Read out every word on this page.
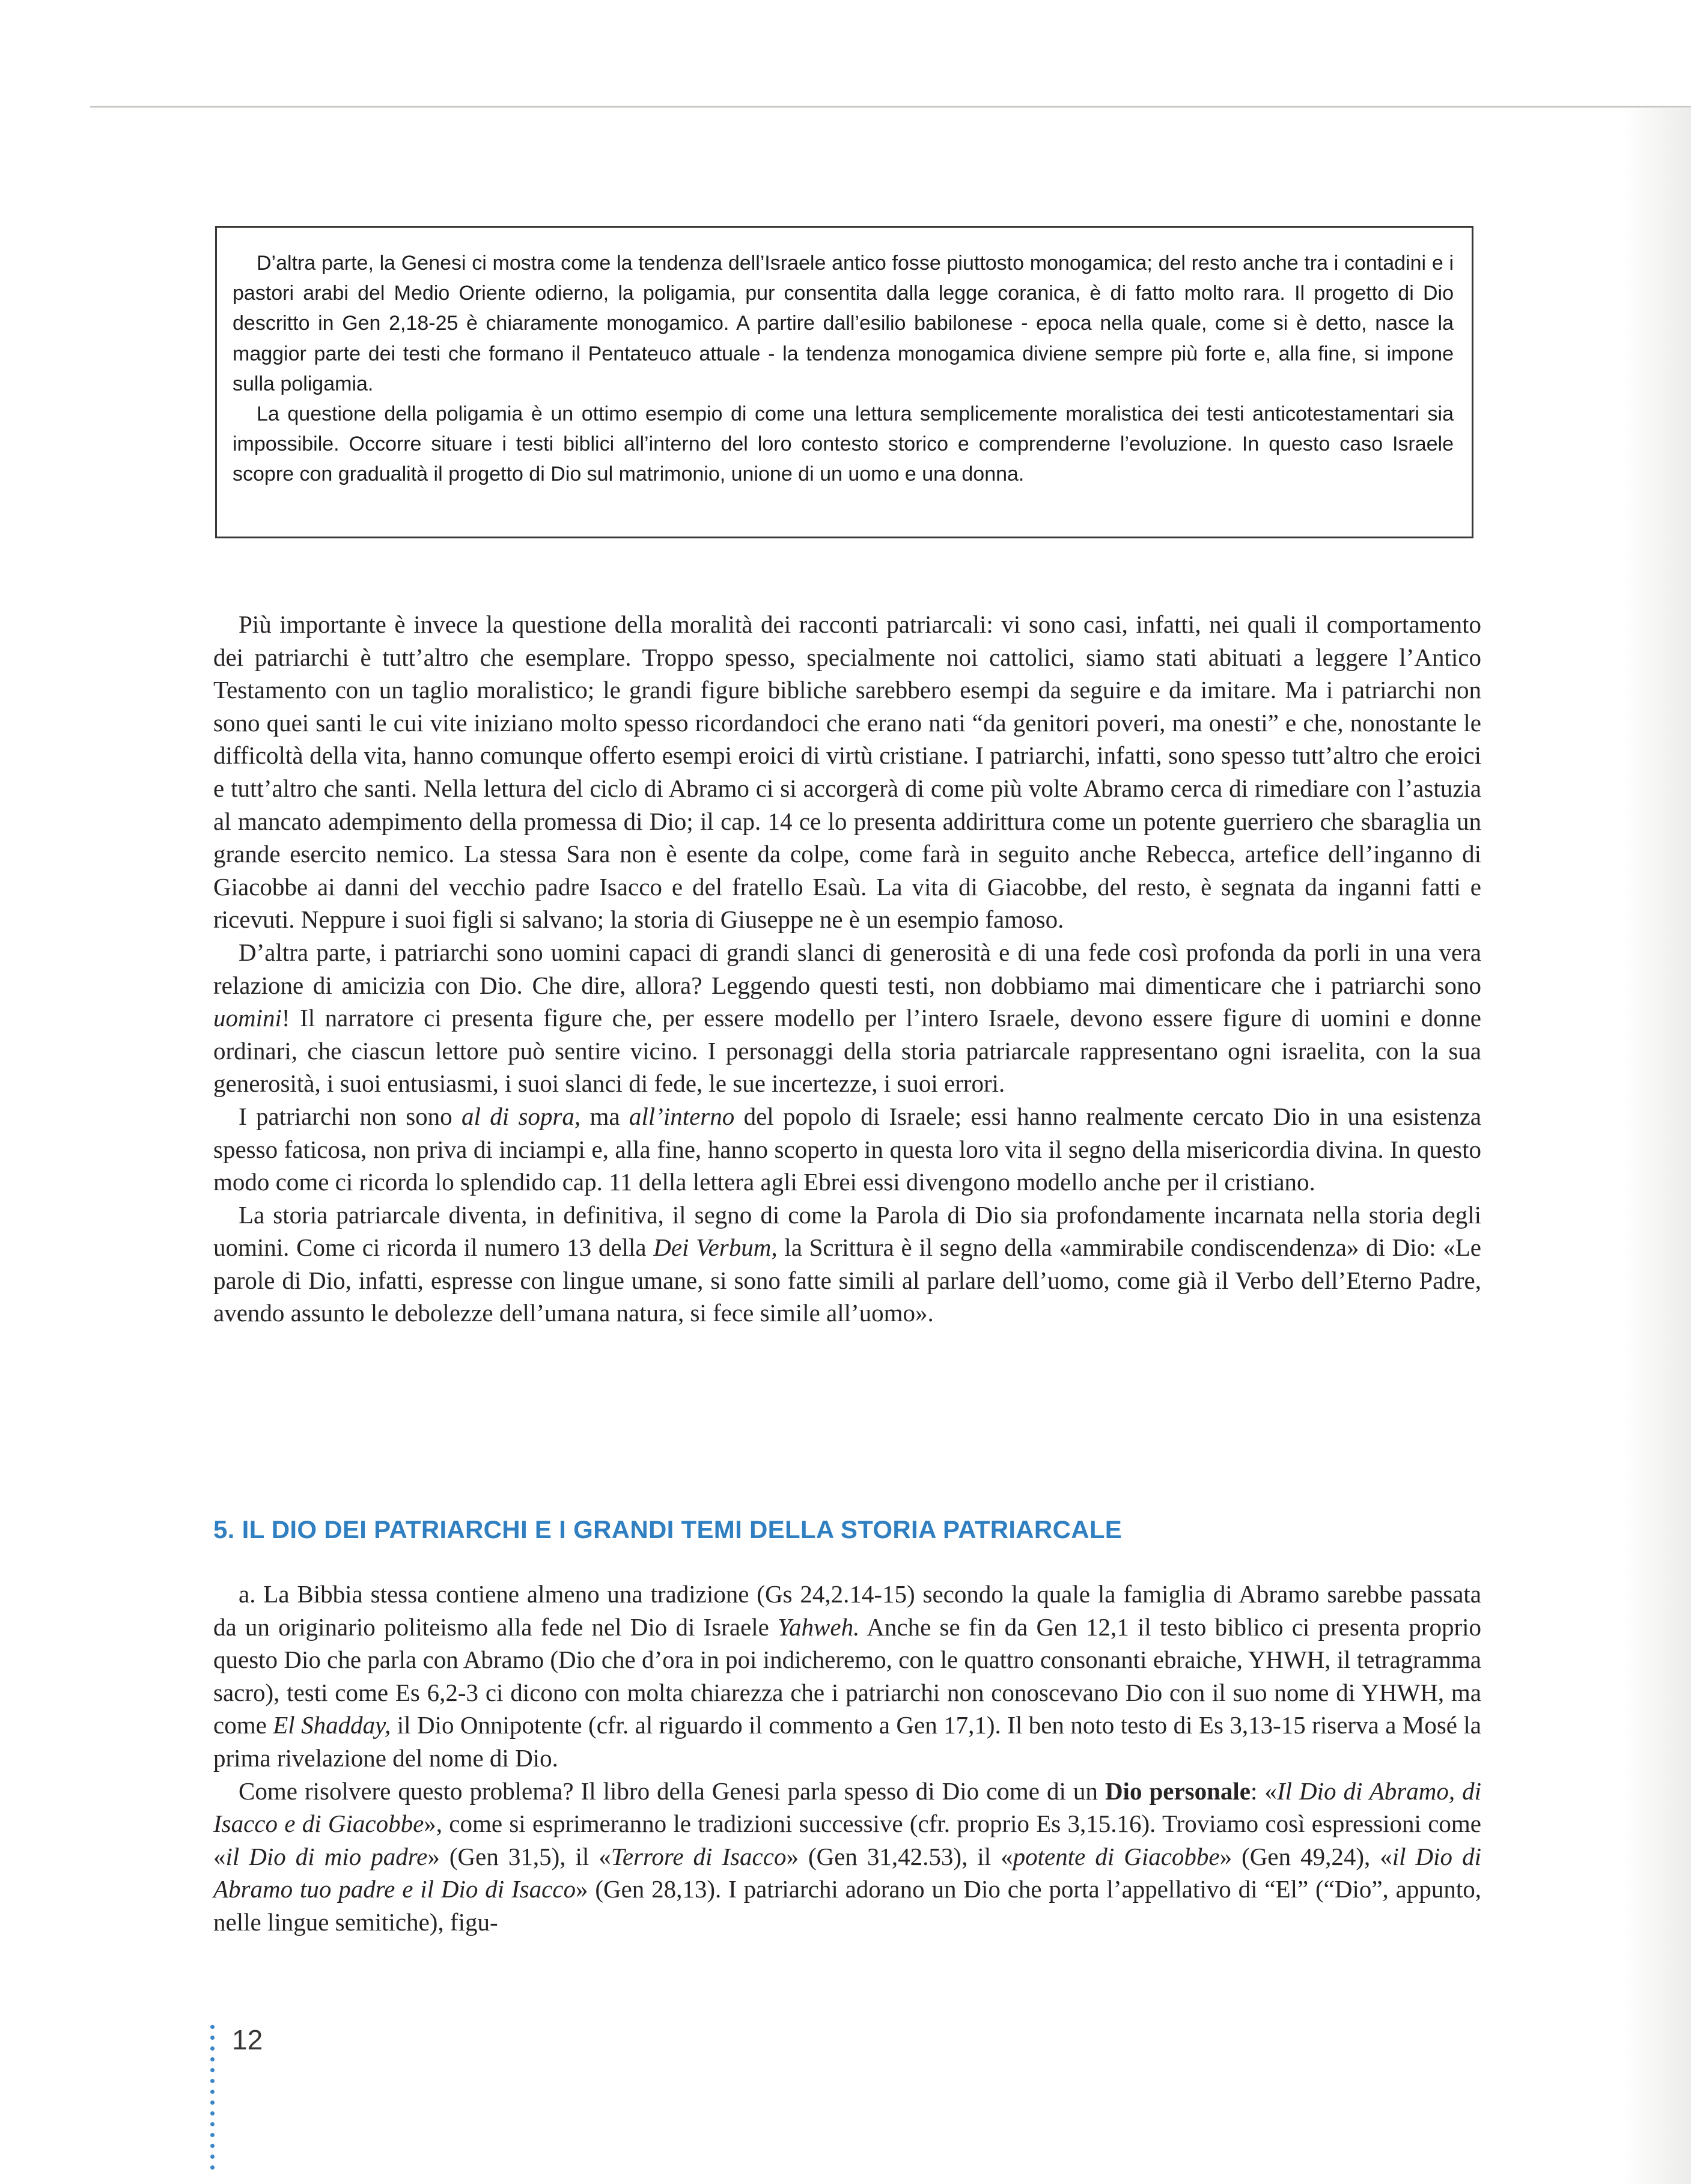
D’altra parte, la Genesi ci mostra come la tendenza dell’Israele antico fosse piuttosto monogamica; del resto anche tra i contadini e i pastori arabi del Medio Oriente odierno, la poligamia, pur consentita dalla legge coranica, è di fatto molto rara. Il progetto di Dio descritto in Gen 2,18-25 è chiaramente monogamico. A partire dall’esilio babilonese - epoca nella quale, come si è detto, nasce la maggior parte dei testi che formano il Pentateuco attuale - la tendenza monogamica diviene sempre più forte e, alla fine, si impone sulla poligamia.

La questione della poligamia è un ottimo esempio di come una lettura semplicemente moralistica dei testi anticotestamentari sia impossibile. Occorre situare i testi biblici all’interno del loro contesto storico e comprenderne l’evoluzione. In questo caso Israele scopre con gradualità il progetto di Dio sul matrimonio, unione di un uomo e una donna.

Più importante è invece la questione della moralità dei racconti patriarcali: vi sono casi, infatti, nei quali il comportamento dei patriarchi è tutt’altro che esemplare. Troppo spesso, specialmente noi cattolici, siamo stati abituati a leggere l’Antico Testamento con un taglio moralistico; le grandi figure bibliche sarebbero esempi da seguire e da imitare. Ma i patriarchi non sono quei santi le cui vite iniziano molto spesso ricordandoci che erano nati “da genitori poveri, ma onesti” e che, nonostante le difficoltà della vita, hanno comunque offerto esempi eroici di virtù cristiane. I patriarchi, infatti, sono spesso tutt’altro che eroici e tutt’altro che santi. Nella lettura del ciclo di Abramo ci si accorgerà di come più volte Abramo cerca di rimediare con l’astuzia al mancato adempimento della promessa di Dio; il cap. 14 ce lo presenta addirittura come un potente guerriero che sbaraglia un grande esercito nemico. La stessa Sara non è esente da colpe, come farà in seguito anche Rebecca, artefice dell’inganno di Giacobbe ai danni del vecchio padre Isacco e del fratello Esaù. La vita di Giacobbe, del resto, è segnata da inganni fatti e ricevuti. Neppure i suoi figli si salvano; la storia di Giuseppe ne è un esempio famoso.

D’altra parte, i patriarchi sono uomini capaci di grandi slanci di generosità e di una fede così profonda da porli in una vera relazione di amicizia con Dio. Che dire, allora? Leggendo questi testi, non dobbiamo mai dimenticare che i patriarchi sono uomini! Il narratore ci presenta figure che, per essere modello per l’intero Israele, devono essere figure di uomini e donne ordinari, che ciascun lettore può sentire vicino. I personaggi della storia patriarcale rappresentano ogni israelita, con la sua generosità, i suoi entusiasmi, i suoi slanci di fede, le sue incertezze, i suoi errori.

I patriarchi non sono al di sopra, ma all’interno del popolo di Israele; essi hanno realmente cercato Dio in una esistenza spesso faticosa, non priva di inciampi e, alla fine, hanno scoperto in questa loro vita il segno della misericordia divina. In questo modo come ci ricorda lo splendido cap. 11 della lettera agli Ebrei essi divengono modello anche per il cristiano.

La storia patriarcale diventa, in definitiva, il segno di come la Parola di Dio sia profondamente incarnata nella storia degli uomini. Come ci ricorda il numero 13 della Dei Verbum, la Scrittura è il segno della «ammirabile condiscendenza» di Dio: «Le parole di Dio, infatti, espresse con lingue umane, si sono fatte simili al parlare dell’uomo, come già il Verbo dell’Eterno Padre, avendo assunto le debolezze dell’umana natura, si fece simile all’uomo».

5. IL DIO DEI PATRIARCHI E I GRANDI TEMI DELLA STORIA PATRIARCALE

a. La Bibbia stessa contiene almeno una tradizione (Gs 24,2.14-15) secondo la quale la famiglia di Abramo sarebbe passata da un originario politeismo alla fede nel Dio di Israele Yahweh. Anche se fin da Gen 12,1 il testo biblico ci presenta proprio questo Dio che parla con Abramo (Dio che d’ora in poi indicheremo, con le quattro consonanti ebraiche, YHWH, il tetragramma sacro), testi come Es 6,2-3 ci dicono con molta chiarezza che i patriarchi non conoscevano Dio con il suo nome di YHWH, ma come El Shadday, il Dio Onnipotente (cfr. al riguardo il commento a Gen 17,1). Il ben noto testo di Es 3,13-15 riserva a Mosé la prima rivelazione del nome di Dio.

Come risolvere questo problema? Il libro della Genesi parla spesso di Dio come di un Dio personale: «Il Dio di Abramo, di Isacco e di Giacobbe», come si esprimeranno le tradizioni successive (cfr. proprio Es 3,15.16). Troviamo così espressioni come «il Dio di mio padre» (Gen 31,5), il «Terrore di Isacco» (Gen 31,42.53), il «potente di Giacobbe» (Gen 49,24), «il Dio di Abramo tuo padre e il Dio di Isacco» (Gen 28,13). I patriarchi adorano un Dio che porta l’appellativo di “El” (“Dio”, appunto, nelle lingue semitiche), figu-

12
